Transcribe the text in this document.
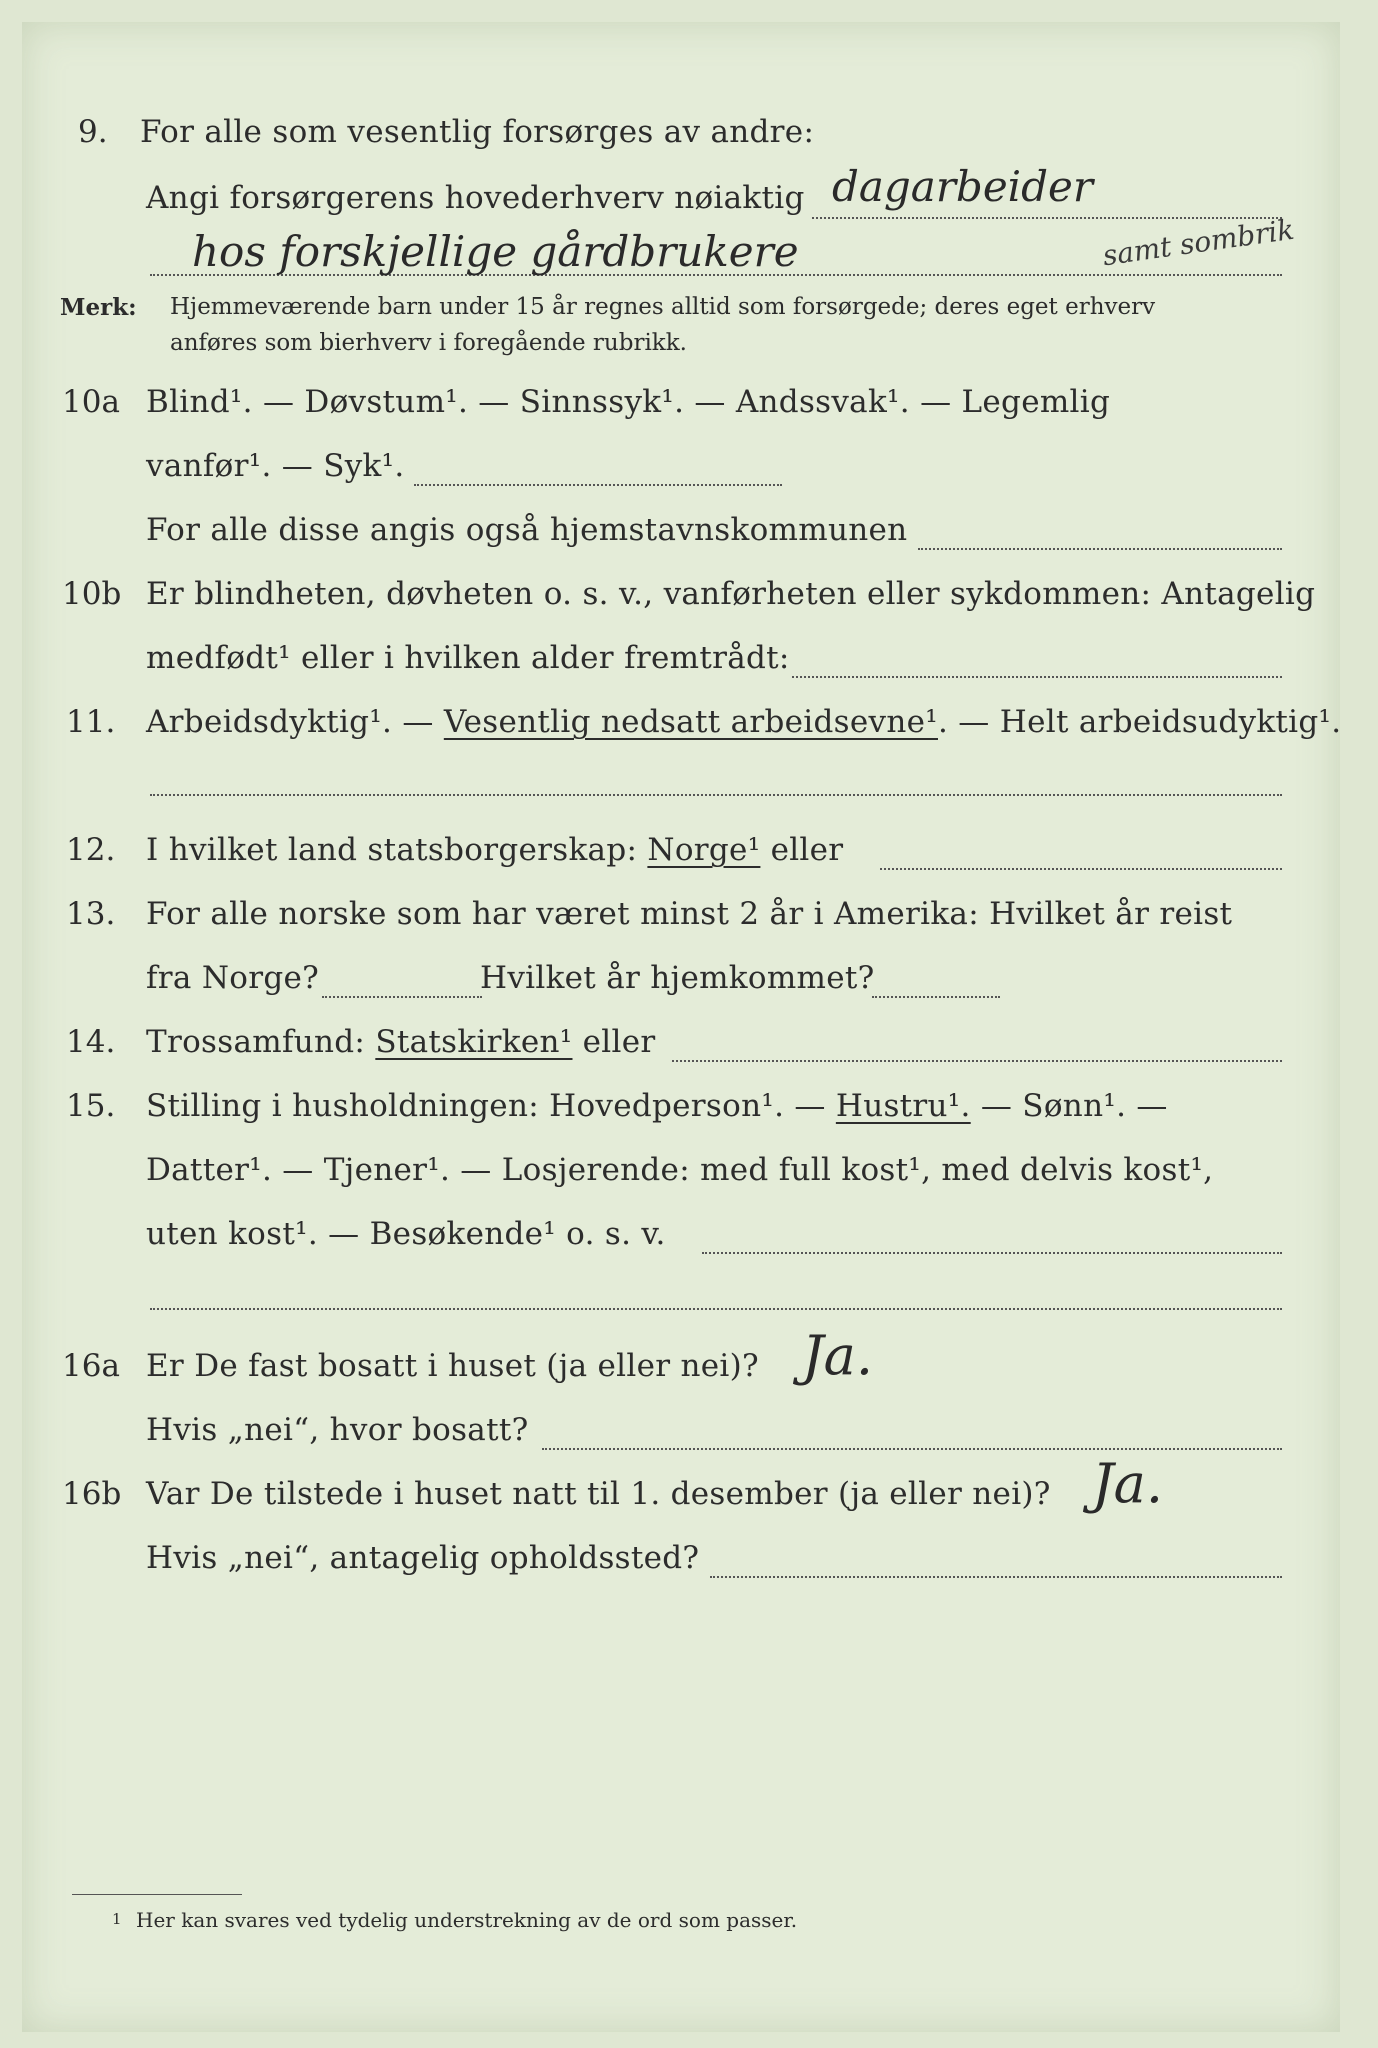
9. For alle som vesentlig forsørges av andre:
Angi forsørgerens hovederhverv nøiaktig dagarbeider
hos forskjellige gårdbrukere	samt sombrik
Merk: Hjemmeværende barn under 15 år regnes alltid som forsørgede; deres eget erhverv
anføres som bierhverv i foregående rubrikk.
10a Blind¹. — Døvstum¹. — Sinnssyk¹. — Andssvak¹. — Legemlig
vanfør¹. — Syk¹.
For alle disse angis også hjemstavnskommunen
10b Er blindheten, døvheten o. s. v., vanførheten eller sykdommen: Antagelig
medfødt¹ eller i hvilken alder fremtrådt:
11. Arbeidsdyktig¹. — Vesentlig nedsatt arbeidsevne¹. — Helt arbeidsudyktig¹.
12. I hvilket land statsborgerskap: Norge¹ eller
13. For alle norske som har været minst 2 år i Amerika: Hvilket år reist
fra Norge?	Hvilket år hjemkommet?
14. Trossamfund: Statskirken¹ eller
15. Stilling i husholdningen: Hovedperson¹. — Hustru¹. — Sønn¹. —
Datter¹. — Tjener¹. — Losjerende: med full kost¹, med delvis kost¹,
uten kost¹. — Besøkende¹ o. s. v.
16a Er De fast bosatt i huset (ja eller nei)? Ja.
Hvis „nei“, hvor bosatt?
16b Var De tilstede i huset natt til 1. desember (ja eller nei)? Ja.
Hvis „nei“, antagelig opholdssted?
1 Her kan svares ved tydelig understrekning av de ord som passer.
